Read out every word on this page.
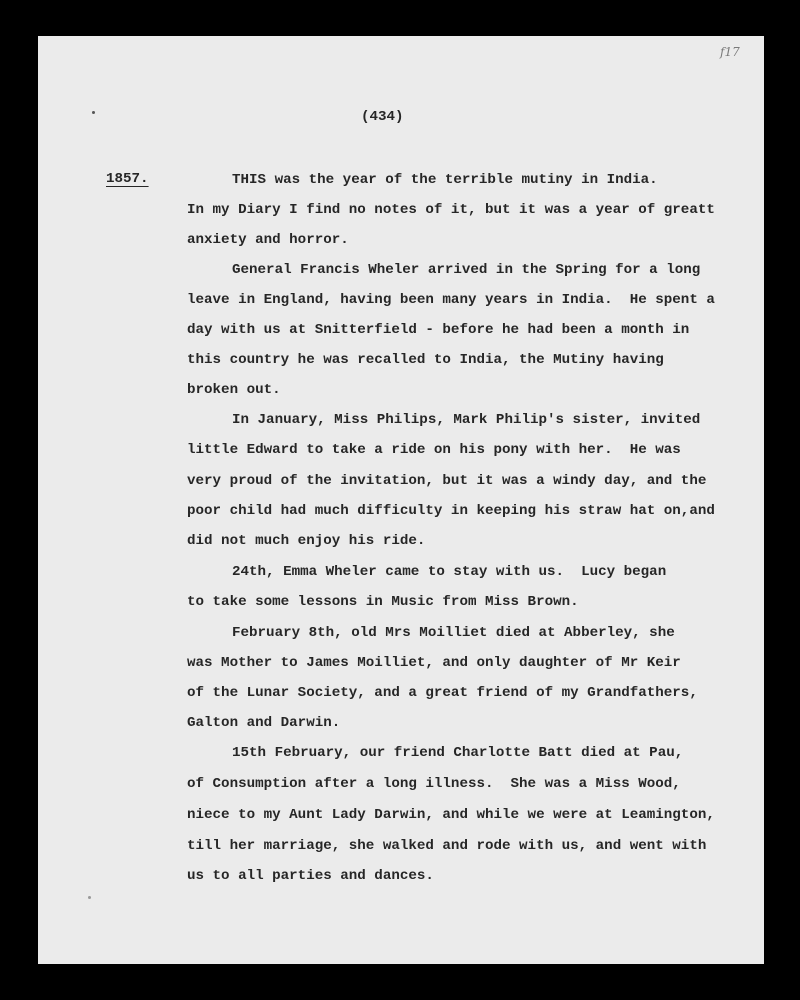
f17
(434)
1857.	THIS was the year of the terrible mutiny in India.
In my Diary I find no notes of it, but it was a year of greatt
anxiety and horror.
General Francis Wheler arrived in the Spring for a long
leave in England, having been many years in India.  He spent a
day with us at Snitterfield - before he had been a month in
this country he was recalled to India, the Mutiny having
broken out.
In January, Miss Philips, Mark Philip's sister, invited
little Edward to take a ride on his pony with her.  He was
very proud of the invitation, but it was a windy day, and the
poor child had much difficulty in keeping his straw hat on,and
did not much enjoy his ride.
24th, Emma Wheler came to stay with us.  Lucy began
to take some lessons in Music from Miss Brown.
February 8th, old Mrs Moilliet died at Abberley, she
was Mother to James Moilliet, and only daughter of Mr Keir
of the Lunar Society, and a great friend of my Grandfathers,
Galton and Darwin.
15th February, our friend Charlotte Batt died at Pau,
of Consumption after a long illness.  She was a Miss Wood,
niece to my Aunt Lady Darwin, and while we were at Leamington,
till her marriage, she walked and rode with us, and went with
us to all parties and dances.
